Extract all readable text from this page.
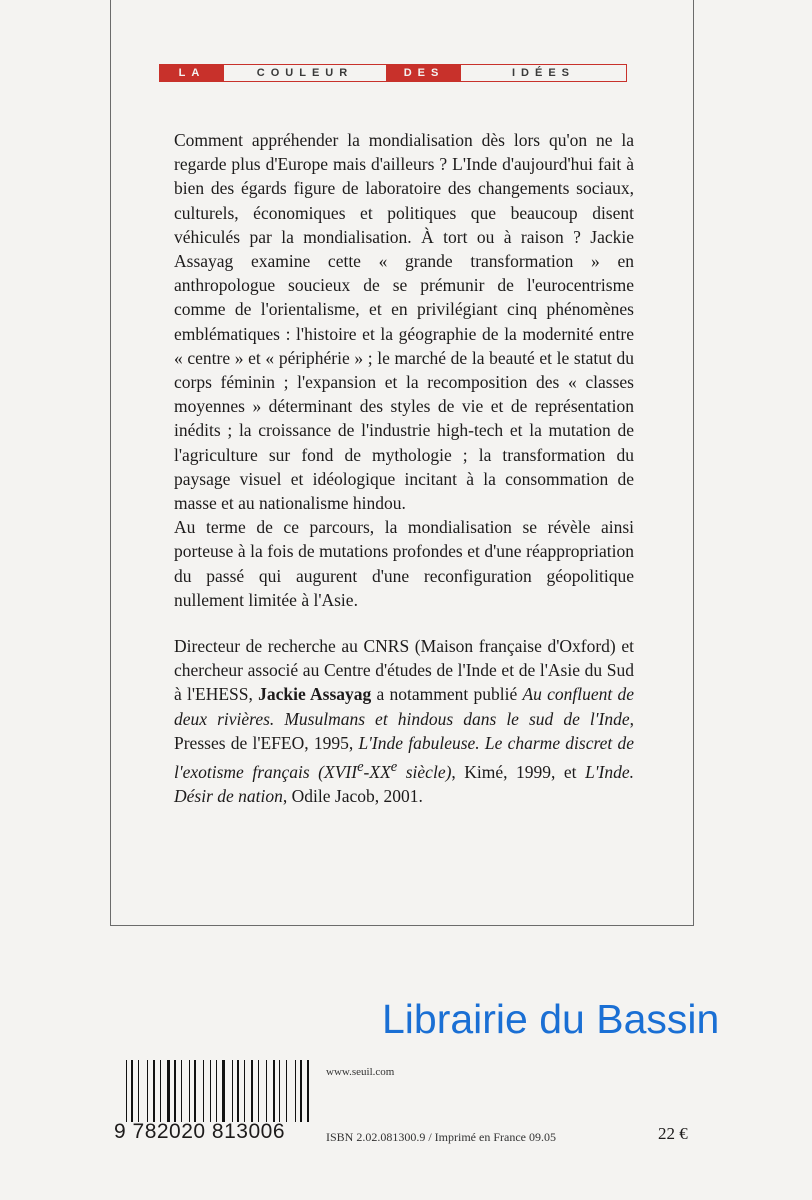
LA	COULEUR	DES	IDÉES

Comment appréhender la mondialisation dès lors qu'on ne la regarde plus d'Europe mais d'ailleurs ? L'Inde d'aujourd'hui fait à bien des égards figure de laboratoire des changements sociaux, culturels, économiques et politiques que beaucoup disent véhiculés par la mondialisation. À tort ou à raison ? Jackie Assayag examine cette « grande transformation » en anthropologue soucieux de se prémunir de l'eurocentrisme comme de l'orientalisme, et en privilégiant cinq phénomènes emblématiques : l'histoire et la géographie de la modernité entre « centre » et « périphérie » ; le marché de la beauté et le statut du corps féminin ; l'expansion et la recomposition des « classes moyennes » déterminant des styles de vie et de représentation inédits ; la croissance de l'industrie high-tech et la mutation de l'agriculture sur fond de mythologie ; la transformation du paysage visuel et idéologique incitant à la consommation de masse et au nationalisme hindou.

Au terme de ce parcours, la mondialisation se révèle ainsi porteuse à la fois de mutations profondes et d'une réappropriation du passé qui augurent d'une reconfiguration géopolitique nullement limitée à l'Asie.

Directeur de recherche au CNRS (Maison française d'Oxford) et chercheur associé au Centre d'études de l'Inde et de l'Asie du Sud à l'EHESS, Jackie Assayag a notamment publié Au confluent de deux rivières. Musulmans et hindous dans le sud de l'Inde, Presses de l'EFEO, 1995, L'Inde fabuleuse. Le charme discret de l'exotisme français (XVIIe-XXe siècle), Kimé, 1999, et L'Inde. Désir de nation, Odile Jacob, 2001.

Librairie du Bassin
9 782020 813006
www.seuil.com
ISBN 2.02.081300.9 / Imprimé en France 09.05	22 €
